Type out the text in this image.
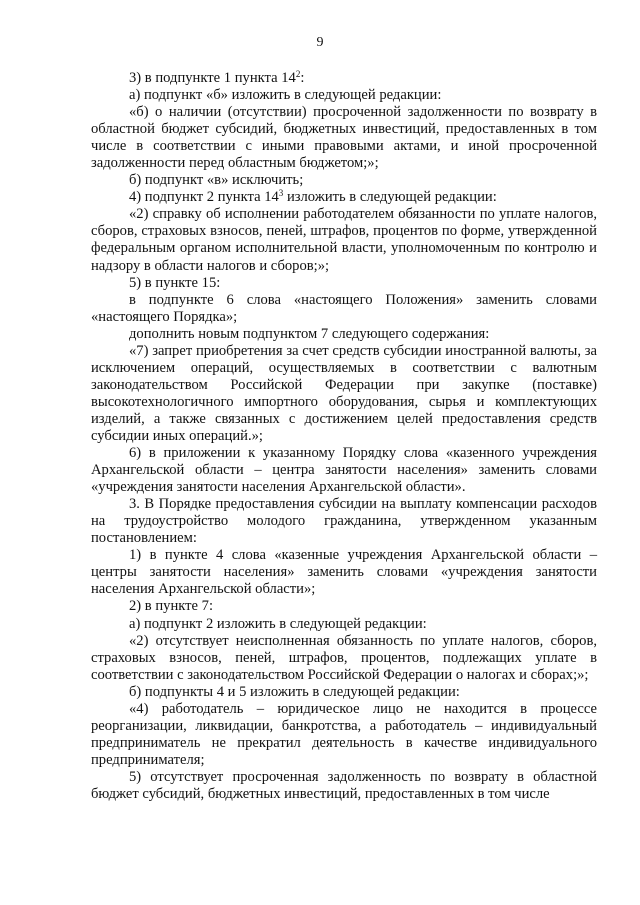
9

3) в подпункте 1 пункта $14^2$:

а) подпункт «б» изложить в следующей редакции:

«б) о наличии (отсутствии) просроченной задолженности по возврату в областной бюджет субсидий, бюджетных инвестиций, предоставленных в том числе в соответствии с иными правовыми актами, и иной просроченной задолженности перед областным бюджетом;»;

б) подпункт «в» исключить;

4) подпункт 2 пункта $14^3$ изложить в следующей редакции:

«2) справку об исполнении работодателем обязанности по уплате налогов, сборов, страховых взносов, пеней, штрафов, процентов по форме, утвержденной федеральным органом исполнительной власти, уполномоченным по контролю и надзору в области налогов и сборов;»;

5) в пункте 15:

в подпункте 6 слова «настоящего Положения» заменить словами «настоящего Порядка»;

дополнить новым подпунктом 7 следующего содержания:

«7) запрет приобретения за счет средств субсидии иностранной валюты, за исключением операций, осуществляемых в соответствии с валютным законодательством Российской Федерации при закупке (поставке) высокотехнологичного импортного оборудования, сырья и комплектующих изделий, а также связанных с достижением целей предоставления средств субсидии иных операций.»;

6) в приложении к указанному Порядку слова «казенного учреждения Архангельской области – центра занятости населения» заменить словами «учреждения занятости населения Архангельской области».

3. В Порядке предоставления субсидии на выплату компенсации расходов на трудоустройство молодого гражданина, утвержденном указанным постановлением:

1) в пункте 4 слова «казенные учреждения Архангельской области – центры занятости населения» заменить словами «учреждения занятости населения Архангельской области»;

2) в пункте 7:

а) подпункт 2 изложить в следующей редакции:

«2) отсутствует неисполненная обязанность по уплате налогов, сборов, страховых взносов, пеней, штрафов, процентов, подлежащих уплате в соответствии с законодательством Российской Федерации о налогах и сборах;»;

б) подпункты 4 и 5 изложить в следующей редакции:

«4) работодатель – юридическое лицо не находится в процессе реорганизации, ликвидации, банкротства, а работодатель – индивидуальный предприниматель не прекратил деятельность в качестве индивидуального предпринимателя;

5) отсутствует просроченная задолженность по возврату в областной бюджет субсидий, бюджетных инвестиций, предоставленных в том числе
